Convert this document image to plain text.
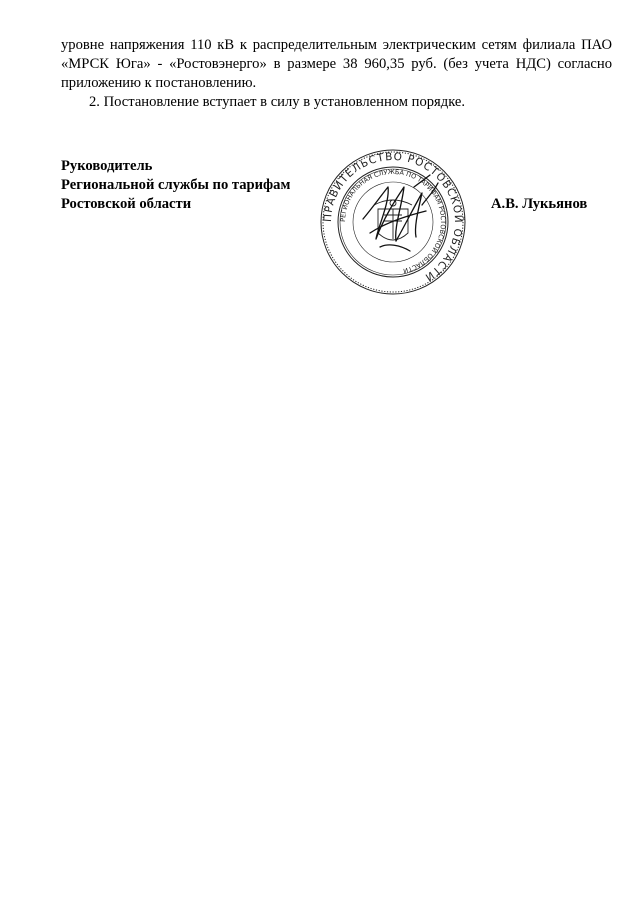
уровне напряжения 110 кВ к распределительным электрическим сетям филиала ПАО «МРСК Юга» - «Ростовэнерго» в размере 38 960,35 руб. (без учета НДС) согласно приложению к постановлению.

2. Постановление вступает в силу в установленном порядке.

Руководитель
Региональной службы по тарифам
Ростовской области	А.В. Лукьянов
ПРАВИТЕЛЬСТВО РОСТОВСКОЙ ОБЛАСТИ
РЕГИОНАЛЬНАЯ СЛУЖБА ПО ТАРИФАМ РОСТОВСКОЙ ОБЛАСТИ
